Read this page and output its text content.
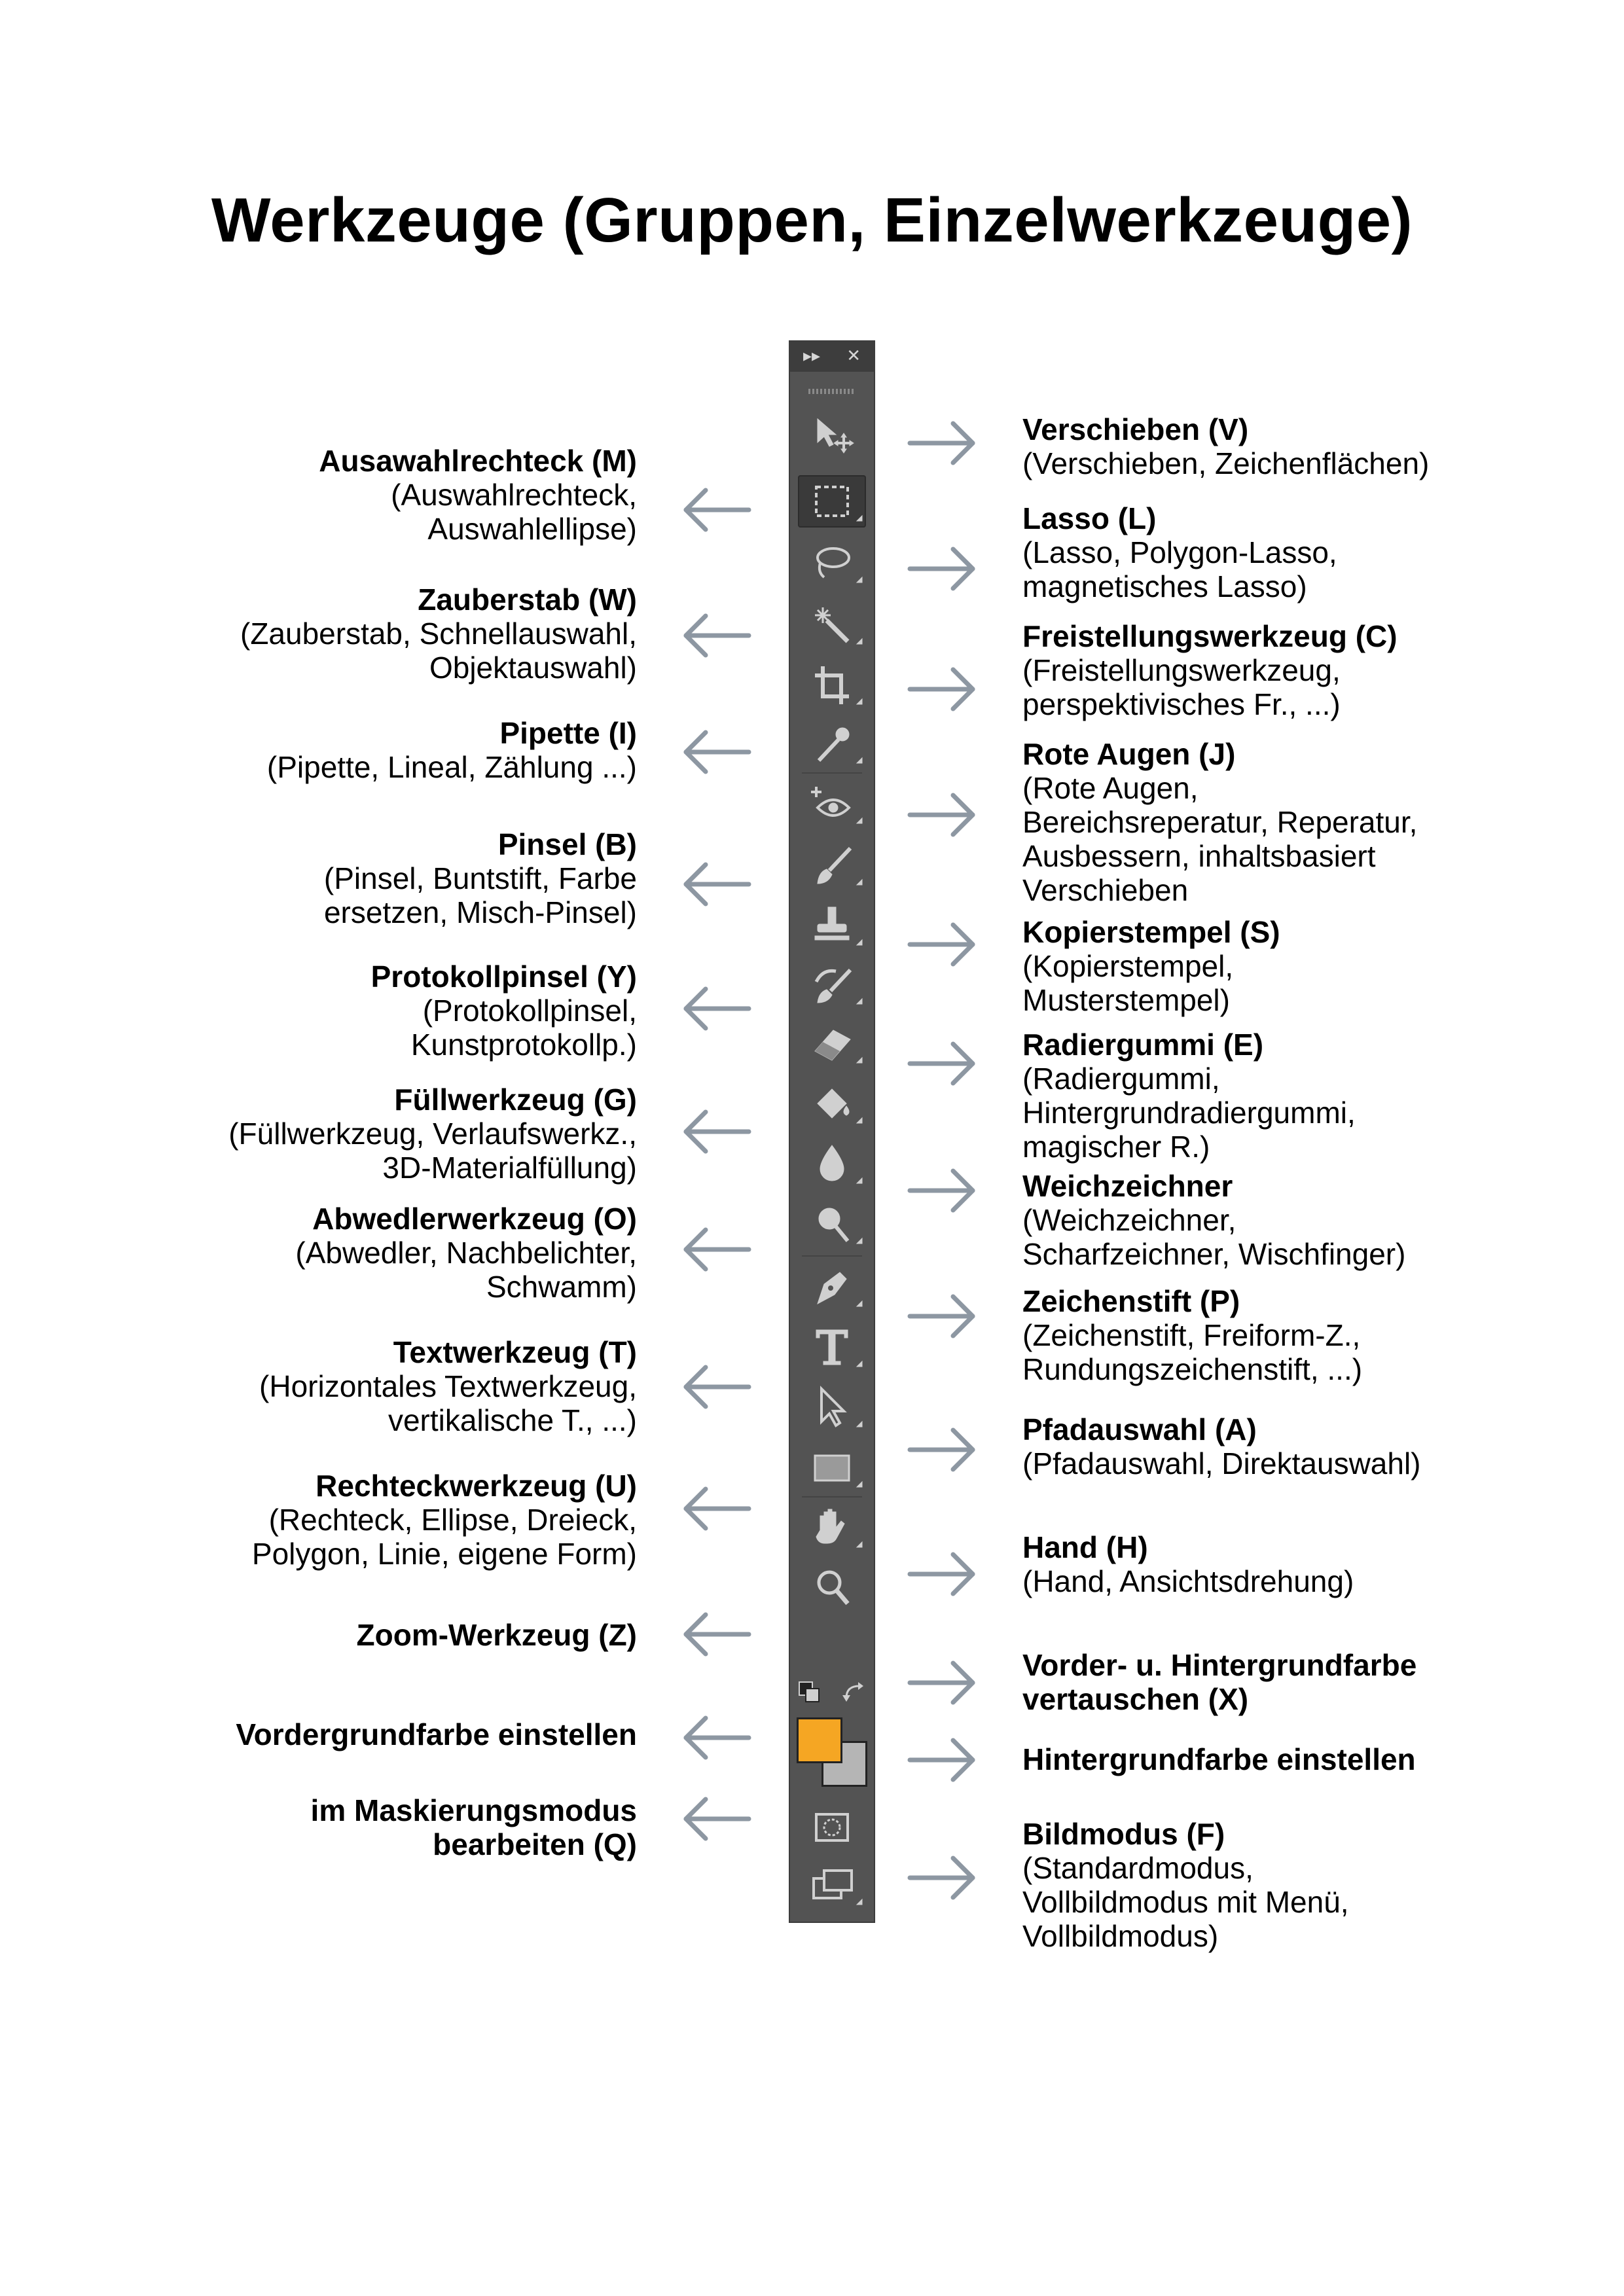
Werkzeuge (Gruppen, Einzelwerkzeuge)
Ausawahlrechteck (M)
(Auswahlrechteck,
Auswahlellipse)
Zauberstab (W)
(Zauberstab, Schnellauswahl,
Objektauswahl)
Pipette (I)
(Pipette, Lineal, Zählung ...)
Pinsel (B)
(Pinsel, Buntstift, Farbe
ersetzen, Misch-Pinsel)
Protokollpinsel (Y)
(Protokollpinsel,
Kunstprotokollp.)
Füllwerkzeug (G)
(Füllwerkzeug, Verlaufswerkz.,
3D-Materialfüllung)
Abwedlerwerkzeug (O)
(Abwedler, Nachbelichter,
Schwamm)
Textwerkzeug (T)
(Horizontales Textwerkzeug,
vertikalische T., ...)
Rechteckwerkzeug (U)
(Rechteck, Ellipse, Dreieck,
Polygon, Linie, eigene Form)
Zoom-Werkzeug (Z)
Vordergrundfarbe einstellen
im Maskierungsmodus
bearbeiten (Q)
Verschieben (V)
(Verschieben, Zeichenflächen)
Lasso (L)
(Lasso, Polygon-Lasso,
magnetisches Lasso)
Freistellungswerkzeug (C)
(Freistellungswerkzeug,
perspektivisches Fr., ...)
Rote Augen (J)
(Rote Augen,
Bereichsreperatur, Reperatur,
Ausbessern, inhaltsbasiert
Verschieben
Kopierstempel (S)
(Kopierstempel,
Musterstempel)
Radiergummi (E)
(Radiergummi,
Hintergrundradiergummi,
magischer R.)
Weichzeichner
(Weichzeichner,
Scharfzeichner, Wischfinger)
Zeichenstift (P)
(Zeichenstift, Freiform-Z.,
Rundungszeichenstift, ...)
Pfadauswahl (A)
(Pfadauswahl, Direktauswahl)
Hand (H)
(Hand, Ansichtsdrehung)
Vorder- u. Hintergrundfarbe
vertauschen (X)
Hintergrundfarbe einstellen
Bildmodus (F)
(Standardmodus,
Vollbildmodus mit Menü,
Vollbildmodus)
▸▸ ✕
